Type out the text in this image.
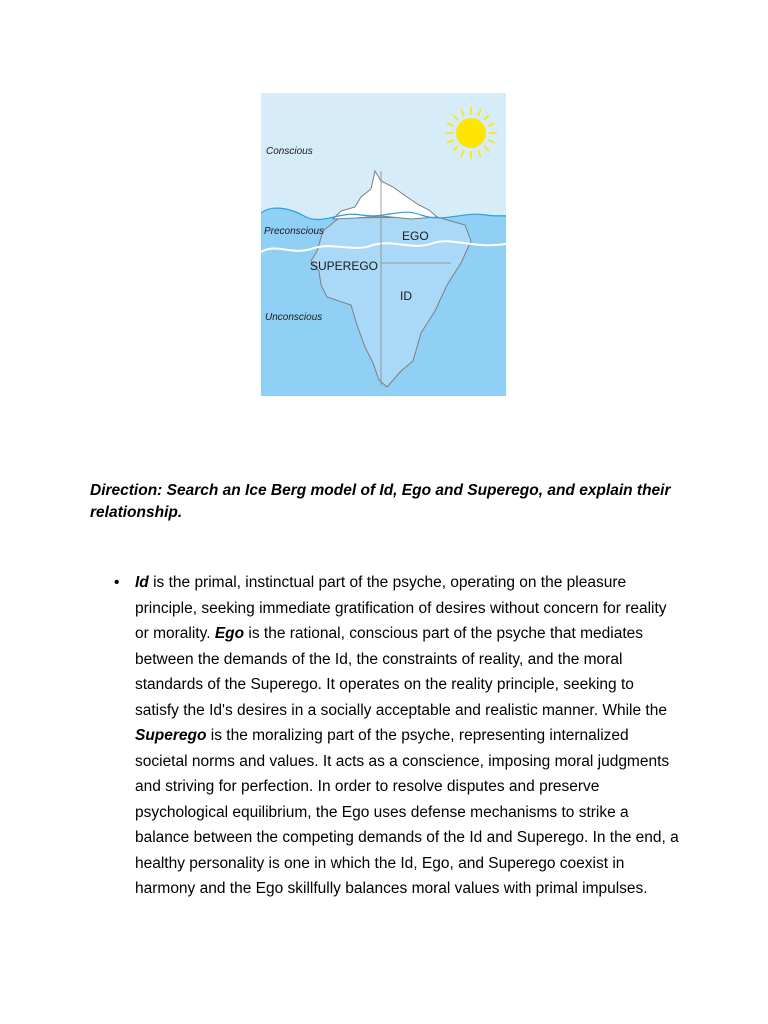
Conscious
Preconscious
Unconscious
EGO
SUPEREGO
ID

Direction: Search an Ice Berg model of Id, Ego and Superego, and explain their relationship.

• Id is the primal, instinctual part of the psyche, operating on the pleasure principle, seeking immediate gratification of desires without concern for reality or morality. Ego is the rational, conscious part of the psyche that mediates between the demands of the Id, the constraints of reality, and the moral standards of the Superego. It operates on the reality principle, seeking to satisfy the Id's desires in a socially acceptable and realistic manner. While the Superego is the moralizing part of the psyche, representing internalized societal norms and values. It acts as a conscience, imposing moral judgments and striving for perfection. In order to resolve disputes and preserve psychological equilibrium, the Ego uses defense mechanisms to strike a balance between the competing demands of the Id and Superego. In the end, a healthy personality is one in which the Id, Ego, and Superego coexist in harmony and the Ego skillfully balances moral values with primal impulses.
